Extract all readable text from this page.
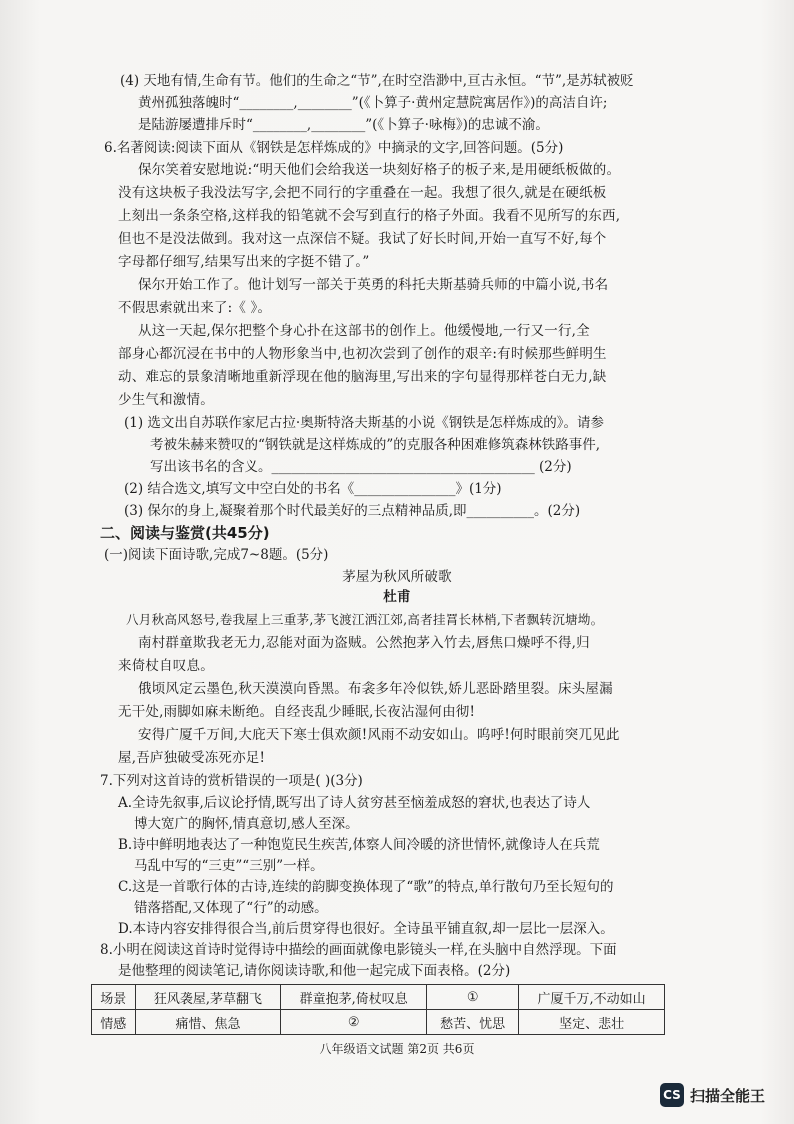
(4) 天地有情,生命有节。他们的生命之“节”,在时空浩渺中,亘古永恒。“节”,是苏轼被贬
黄州孤独落魄时“________,________”(《卜算子·黄州定慧院寓居作》)的高洁自许;
是陆游屡遭排斥时“________,________”(《卜算子·咏梅》)的忠诚不渝。
6.名著阅读:阅读下面从《钢铁是怎样炼成的》中摘录的文字,回答问题。(5分)
保尔笑着安慰地说:“明天他们会给我送一块刻好格子的板子来,是用硬纸板做的。
没有这块板子我没法写字,会把不同行的字重叠在一起。我想了很久,就是在硬纸板
上刻出一条条空格,这样我的铅笔就不会写到直行的格子外面。我看不见所写的东西,
但也不是没法做到。我对这一点深信不疑。我试了好长时间,开始一直写不好,每个
字母都仔细写,结果写出来的字挺不错了。”
保尔开始工作了。他计划写一部关于英勇的科托夫斯基骑兵师的中篇小说,书名
不假思索就出来了:《 》。
从这一天起,保尔把整个身心扑在这部书的创作上。他缓慢地,一行又一行,全
部身心都沉浸在书中的人物形象当中,也初次尝到了创作的艰辛:有时候那些鲜明生
动、难忘的景象清晰地重新浮现在他的脑海里,写出来的字句显得那样苍白无力,缺
少生气和激情。
(1) 选文出自苏联作家尼古拉·奥斯特洛夫斯基的小说《钢铁是怎样炼成的》。请参
考被朱赫来赞叹的“钢铁就是这样炼成的”的克服各种困难修筑森林铁路事件,
写出该书名的含义。_______________________________________ (2分)
(2) 结合选文,填写文中空白处的书名《_______________》(1分)
(3) 保尔的身上,凝聚着那个时代最美好的三点精神品质,即__________。(2分)
二、阅读与鉴赏(共45分)
(一)阅读下面诗歌,完成7~8题。(5分)
茅屋为秋风所破歌
杜甫
八月秋高风怒号,卷我屋上三重茅,茅飞渡江洒江郊,高者挂罥长林梢,下者飘转沉塘坳。
南村群童欺我老无力,忍能对面为盗贼。公然抱茅入竹去,唇焦口燥呼不得,归
来倚杖自叹息。
俄顷风定云墨色,秋天漠漠向昏黑。布衾多年冷似铁,娇儿恶卧踏里裂。床头屋漏
无干处,雨脚如麻未断绝。自经丧乱少睡眠,长夜沾湿何由彻!
安得广厦千万间,大庇天下寒士俱欢颜!风雨不动安如山。呜呼!何时眼前突兀见此
屋,吾庐独破受冻死亦足!
7.下列对这首诗的赏析错误的一项是( )(3分)
A.全诗先叙事,后议论抒情,既写出了诗人贫穷甚至恼羞成怒的窘状,也表达了诗人
博大宽广的胸怀,情真意切,感人至深。
B.诗中鲜明地表达了一种饱览民生疾苦,体察人间冷暖的济世情怀,就像诗人在兵荒
马乱中写的“三吏”“三别”一样。
八年级语文试题 第2页 共6页
CS 扫描全能王
C.这是一首歌行体的古诗,连续的韵脚变换体现了“歌”的特点,单行散句乃至长短句的
错落搭配,又体现了“行”的动感。
D.本诗内容安排得很合当,前后贯穿得也很好。全诗虽平铺直叙,却一层比一层深入。
8.小明在阅读这首诗时觉得诗中描绘的画面就像电影镜头一样,在头脑中自然浮现。下面
是他整理的阅读笔记,请你阅读诗歌,和他一起完成下面表格。(2分)
场景	狂风袭屋,茅草翻飞	群童抱茅,倚杖叹息	①	广厦千万,不动如山
情感	痛惜、焦急	②	愁苦、忧思	坚定、悲壮
